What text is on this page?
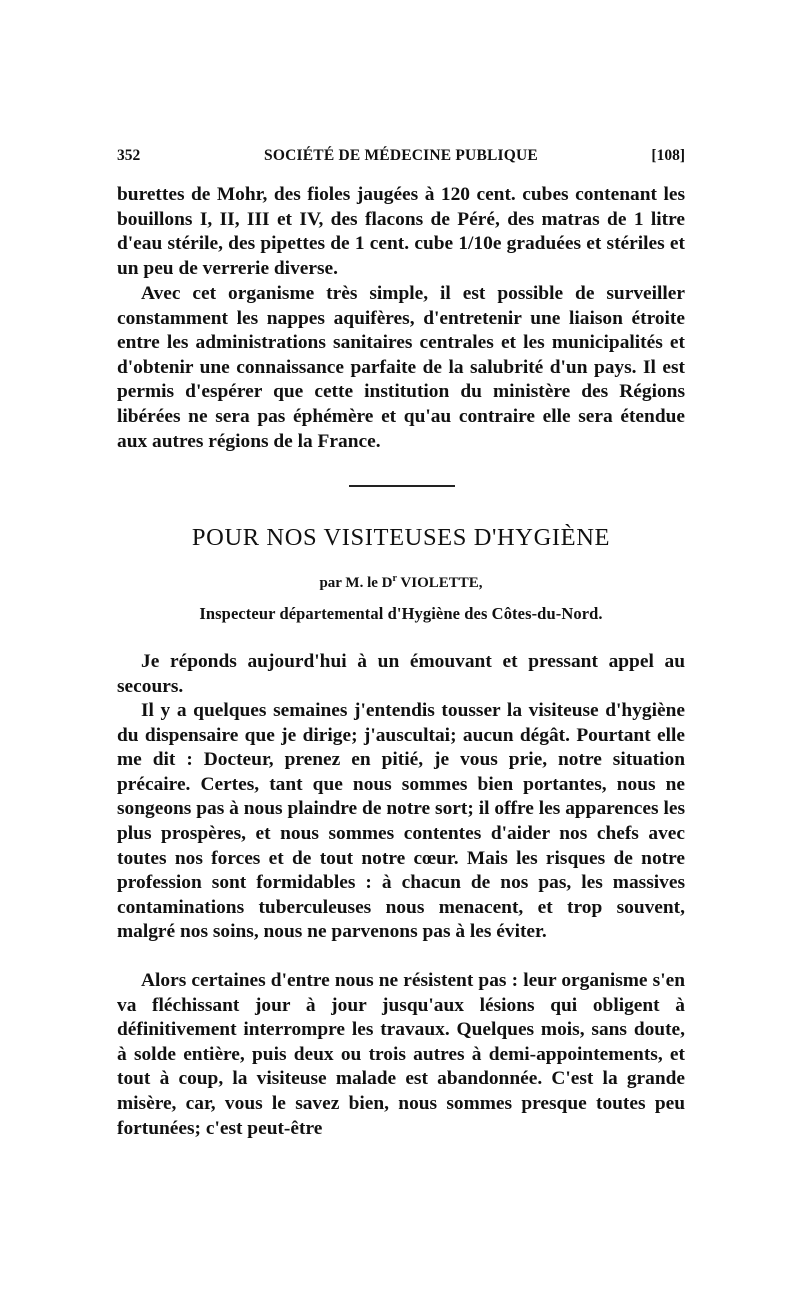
352	SOCIÉTÉ DE MÉDECINE PUBLIQUE	[108]

burettes de Mohr, des fioles jaugées à 120 cent. cubes contenant les bouillons I, II, III et IV, des flacons de Péré, des matras de 1 litre d'eau stérile, des pipettes de 1 cent. cube 1/10e graduées et stériles et un peu de verrerie diverse.

Avec cet organisme très simple, il est possible de surveiller constamment les nappes aquifères, d'entretenir une liaison étroite entre les administrations sanitaires centrales et les municipalités et d'obtenir une connaissance parfaite de la salubrité d'un pays. Il est permis d'espérer que cette institution du ministère des Régions libérées ne sera pas éphémère et qu'au contraire elle sera étendue aux autres régions de la France.

POUR NOS VISITEUSES D'HYGIÈNE
par M. le $D^r$ VIOLETTE,
Inspecteur départemental d'Hygiène des Côtes-du-Nord.

Je réponds aujourd'hui à un émouvant et pressant appel au secours.

Il y a quelques semaines j'entendis tousser la visiteuse d'hygiène du dispensaire que je dirige; j'auscultai; aucun dégât. Pourtant elle me dit : Docteur, prenez en pitié, je vous prie, notre situation précaire. Certes, tant que nous sommes bien portantes, nous ne songeons pas à nous plaindre de notre sort; il offre les apparences les plus prospères, et nous sommes contentes d'aider nos chefs avec toutes nos forces et de tout notre cœur. Mais les risques de notre profession sont formidables : à chacun de nos pas, les massives contaminations tuberculeuses nous menacent, et trop souvent, malgré nos soins, nous ne parvenons pas à les éviter.

Alors certaines d'entre nous ne résistent pas : leur organisme s'en va fléchissant jour à jour jusqu'aux lésions qui obligent à définitivement interrompre les travaux. Quelques mois, sans doute, à solde entière, puis deux ou trois autres à demi-appointements, et tout à coup, la visiteuse malade est abandonnée. C'est la grande misère, car, vous le savez bien, nous sommes presque toutes peu fortunées; c'est peut-être
